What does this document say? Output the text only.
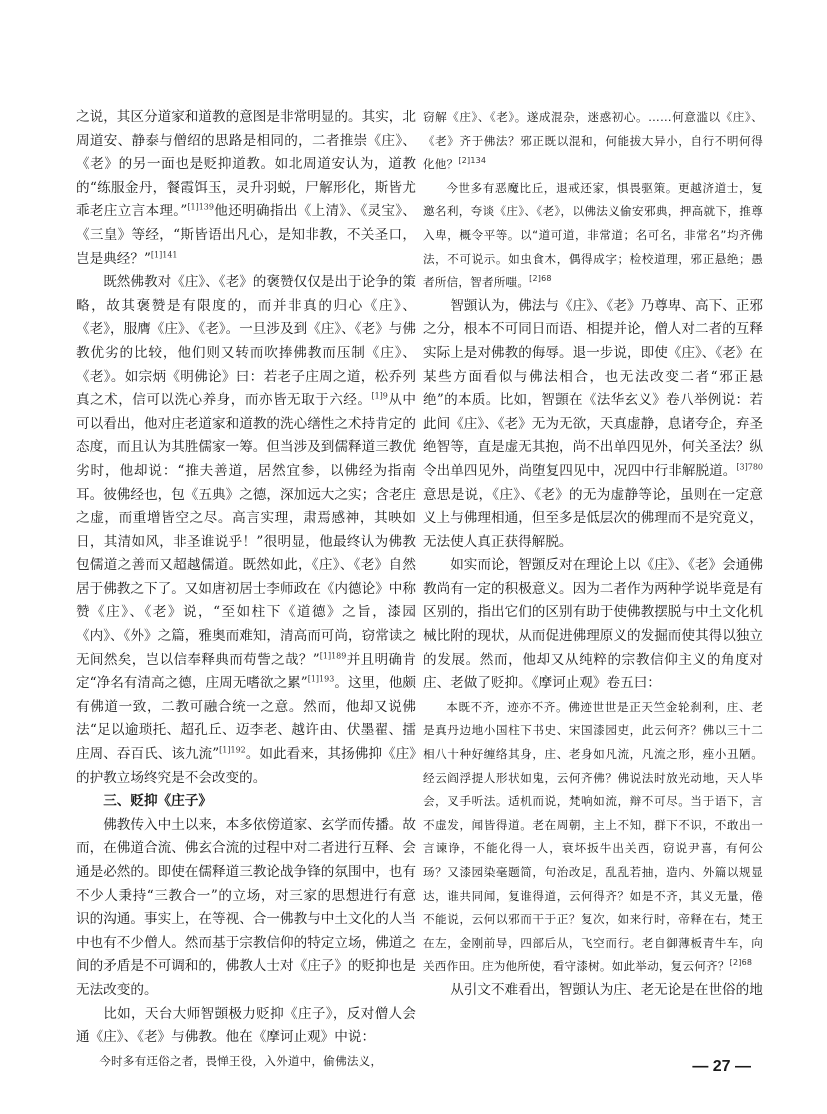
之说，其区分道家和道教的意图是非常明显的。其实，北周道安、静泰与僧绍的思路是相同的，二者推崇《庄》、《老》的另一面也是贬抑道教。如北周道安认为，道教的“练服金丹，餐霞饵玉，灵升羽蜕，尸解形化，斯皆尤乖老庄立言本理。”$^{[1]139}$他还明确指出《上清》、《灵宝》、《三皇》等经，“斯皆语出凡心，是知非教，不关圣口，岂是典经？”$^{[1]141}$

既然佛教对《庄》、《老》的褒赞仅仅是出于论争的策略，故其褒赞是有限度的，而并非真的归心《庄》、《老》，服膺《庄》、《老》。一旦涉及到《庄》、《老》与佛教优劣的比较，他们则又转而吹捧佛教而压制《庄》、《老》。如宗炳《明佛论》曰：若老子庄周之道，松乔列真之术，信可以洗心养身，而亦皆无取于六经。$^{[1]9}$从中可以看出，他对庄老道家和道教的洗心缮性之术持肯定的态度，而且认为其胜儒家一筹。但当涉及到儒释道三教优劣时，他却说：“推夫善道，居然宜参，以佛经为指南耳。彼佛经也，包《五典》之德，深加远大之实；含老庄之虚，而重增皆空之尽。高言实理，肃焉感神，其映如日，其清如风，非圣谁说乎！”很明显，他最终认为佛教包儒道之善而又超越儒道。既然如此，《庄》、《老》自然居于佛教之下了。又如唐初居士李师政在《内德论》中称赞《庄》、《老》说，“至如柱下《道德》之旨，漆园《内》、《外》之篇，雅奥而难知，清高而可尚，窃常读之无间然矣，岂以信奉释典而苟訾之哉？”$^{[1]189}$并且明确肯定“净名有清高之德，庄周无嗜欲之累”$^{[1]193}$。这里，他颇有佛道一致，二教可融合统一之意。然而，他却又说佛法“足以逾琐托、超孔丘、迈李老、越许由、伏墨翟、擂庄周、吞百氏、该九流”$^{[1]192}$。如此看来，其扬佛抑《庄》的护教立场终究是不会改变的。

三、贬抑《庄子》

佛教传入中土以来，本多依傍道家、玄学而传播。故而，在佛道合流、佛玄合流的过程中对二者进行互释、会通是必然的。即使在儒释道三教论战争锋的氛围中，也有不少人秉持“三教合一”的立场，对三家的思想进行有意识的沟通。事实上，在等视、合一佛教与中土文化的人当中也有不少僧人。然而基于宗教信仰的特定立场，佛道之间的矛盾是不可调和的，佛教人士对《庄子》的贬抑也是无法改变的。

比如，天台大师智顗极力贬抑《庄子》，反对僧人会通《庄》、《老》与佛教。他在《摩诃止观》中说：

今时多有迋俗之者，畏惮王役，入外道中，偷佛法义，

窃解《庄》、《老》。遂成混杂，迷惑初心。……何意滥以《庄》、《老》齐于佛法？邪正既以混和，何能拔大异小，自行不明何得化他？$^{[2]134}$

今世多有恶魔比丘，退戒还家，惧畏驱策。更越济道士，复邀名利，夸谈《庄》、《老》，以佛法义偷安邪典，押高就下，推尊入卑，概令平等。以“道可道，非常道；名可名，非常名”均齐佛法，不可说示。如虫食木，偶得成字；检校道理，邪正悬绝；愚者所信，智者所嗤。$^{[2]68}$

智顗认为，佛法与《庄》、《老》乃尊卑、高下、正邪之分，根本不可同日而语、相提并论，僧人对二者的互释实际上是对佛教的侮辱。退一步说，即使《庄》、《老》在某些方面看似与佛法相合，也无法改变二者“邪正悬绝”的本质。比如，智顗在《法华玄义》卷八举例说：若此间《庄》、《老》无为无欲，天真虚静，息诸夸企，弃圣绝智等，直是虚无其抱，尚不出单四见外，何关圣法？纵令出单四见外，尚堕复四见中，况四中行非解脱道。$^{[3]780}$意思是说，《庄》、《老》的无为虚静等论，虽则在一定意义上与佛理相通，但至多是低层次的佛理而不是究竟义，无法使人真正获得解脱。

如实而论，智顗反对在理论上以《庄》、《老》会通佛教尚有一定的积极意义。因为二者作为两种学说毕竟是有区别的，指出它们的区别有助于使佛教摆脱与中土文化机械比附的现状，从而促进佛理原义的发掘而使其得以独立的发展。然而，他却又从纯粹的宗教信仰主义的角度对庄、老做了贬抑。《摩诃止观》卷五曰：

本既不齐，迹亦不齐。佛迹世世是正天竺金轮刹利，庄、老是真丹边地小国柱下书史、宋国漆园吏，此云何齐？佛以三十二相八十种好缠络其身，庄、老身如凡流，凡流之形，痤小丑陋。经云阎浮提人形状如鬼，云何齐佛？佛说法时放光动地，天人毕会，叉手听法。适机而说，梵响如流，辩不可尽。当于语下，言不虚发，闻皆得道。老在周朝，主上不知，群下不识，不敢出一言谏诤，不能化得一人，衰坏扳牛出关西，窃说尹喜，有何公玚？又漆园染毫题简，句治改足，乱乱若抽，造内、外篇以规显达，谁共同闻，复谁得道，云何得齐？如是不齐，其义无量，倦不能说，云何以邪而干于正？复次，如来行时，帝释在右，梵王在左，金刚前导，四部后从，飞空而行。老自御薄板青牛车，向关西作田。庄为他所使，看守漆树。如此举动，复云何齐？$^{[2]68}$

从引文不难看出，智顗认为庄、老无论是在世俗的地

— 27 —
